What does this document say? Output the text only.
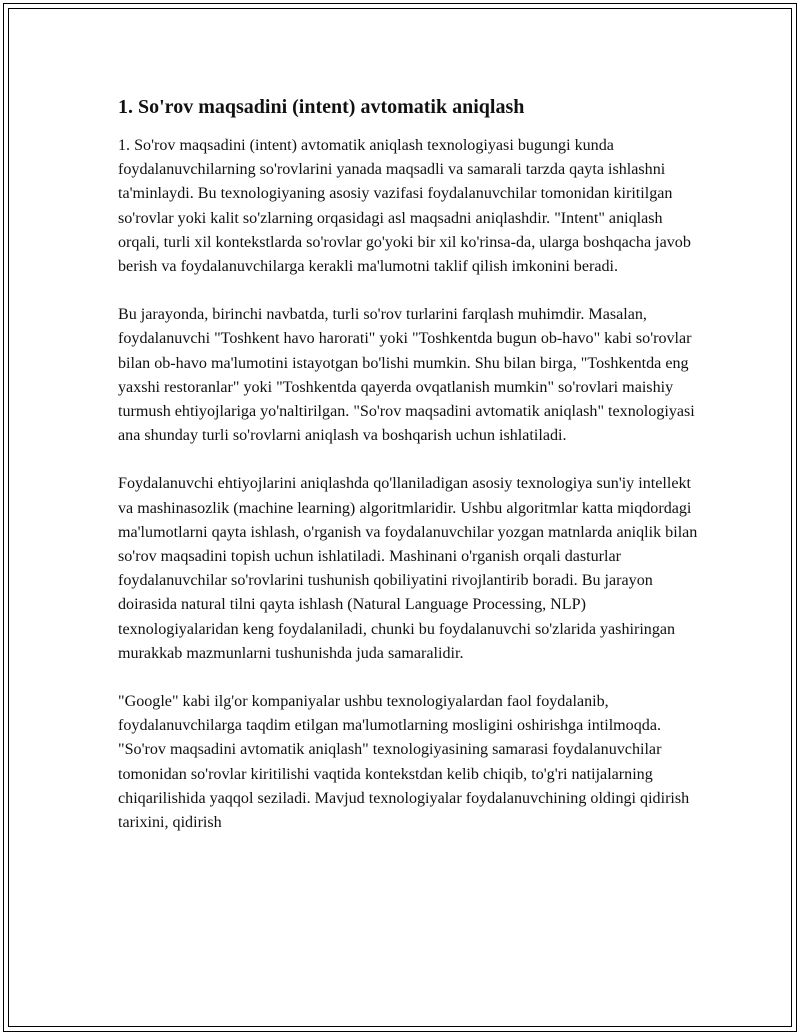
1. So'rov maqsadini (intent) avtomatik aniqlash

1. So'rov maqsadini (intent) avtomatik aniqlash texnologiyasi bugungi kunda foydalanuvchilarning so'rovlarini yanada maqsadli va samarali tarzda qayta ishlashni ta'minlaydi. Bu texnologiyaning asosiy vazifasi foydalanuvchilar tomonidan kiritilgan so'rovlar yoki kalit so'zlarning orqasidagi asl maqsadni aniqlashdir. "Intent" aniqlash orqali, turli xil kontekstlarda so'rovlar go'yoki bir xil ko'rinsa-da, ularga boshqacha javob berish va foydalanuvchilarga kerakli ma'lumotni taklif qilish imkonini beradi.

Bu jarayonda, birinchi navbatda, turli so'rov turlarini farqlash muhimdir. Masalan, foydalanuvchi "Toshkent havo harorati" yoki "Toshkentda bugun ob-havo" kabi so'rovlar bilan ob-havo ma'lumotini istayotgan bo'lishi mumkin. Shu bilan birga, "Toshkentda eng yaxshi restoranlar" yoki "Toshkentda qayerda ovqatlanish mumkin" so'rovlari maishiy turmush ehtiyojlariga yo'naltirilgan. "So'rov maqsadini avtomatik aniqlash" texnologiyasi ana shunday turli so'rovlarni aniqlash va boshqarish uchun ishlatiladi.

Foydalanuvchi ehtiyojlarini aniqlashda qo'llaniladigan asosiy texnologiya sun'iy intellekt va mashinasozlik (machine learning) algoritmlaridir. Ushbu algoritmlar katta miqdordagi ma'lumotlarni qayta ishlash, o'rganish va foydalanuvchilar yozgan matnlarda aniqlik bilan so'rov maqsadini topish uchun ishlatiladi. Mashinani o'rganish orqali dasturlar foydalanuvchilar so'rovlarini tushunish qobiliyatini rivojlantirib boradi. Bu jarayon doirasida natural tilni qayta ishlash (Natural Language Processing, NLP) texnologiyalaridan keng foydalaniladi, chunki bu foydalanuvchi so'zlarida yashiringan murakkab mazmunlarni tushunishda juda samaralidir.

"Google" kabi ilg'or kompaniyalar ushbu texnologiyalardan faol foydalanib, foydalanuvchilarga taqdim etilgan ma'lumotlarning mosligini oshirishga intilmoqda. "So'rov maqsadini avtomatik aniqlash" texnologiyasining samarasi foydalanuvchilar tomonidan so'rovlar kiritilishi vaqtida kontekstdan kelib chiqib, to'g'ri natijalarning chiqarilishida yaqqol seziladi. Mavjud texnologiyalar foydalanuvchining oldingi qidirish tarixini, qidirish
